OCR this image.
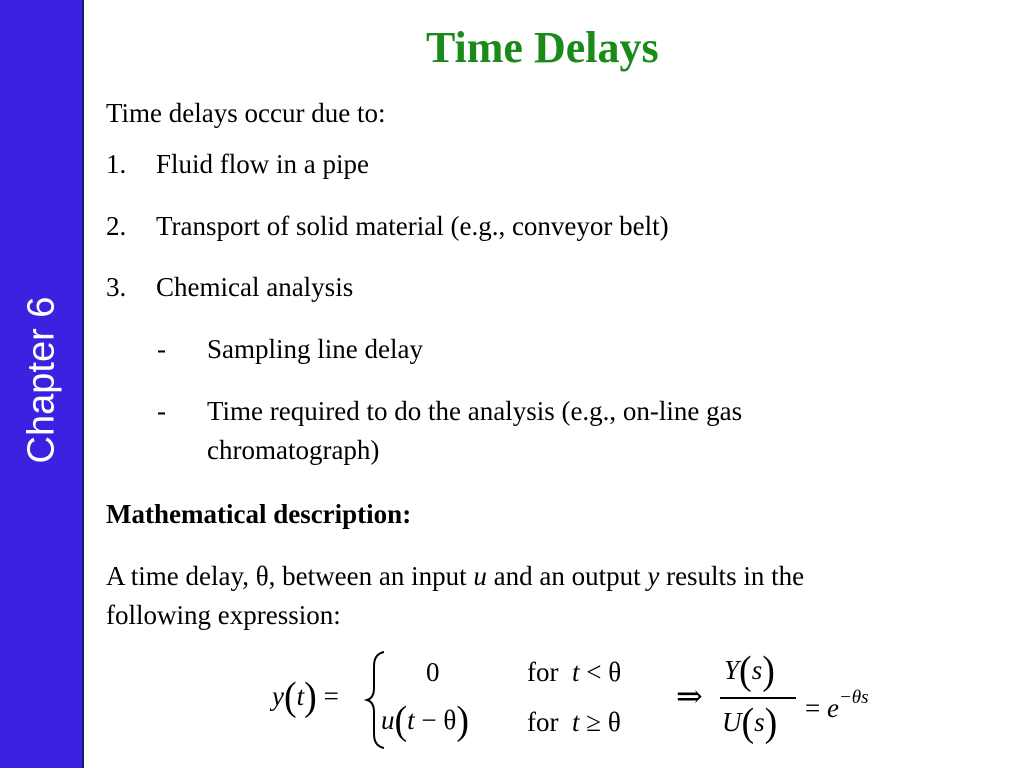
Chapter 6
Time Delays
Time delays occur due to:
1. Fluid flow in a pipe
2. Transport of solid material (e.g., conveyor belt)
3. Chemical analysis
- Sampling line delay
- Time required to do the analysis (e.g., on-line gas
chromatograph)
Mathematical description:
A time delay, θ, between an input u and an output y results in the
following expression:
y(t) =
0	for t < θ
u(t − θ) for t ≥ θ
⇒
Y(s)
$U(s) = e^{-\theta s}$
